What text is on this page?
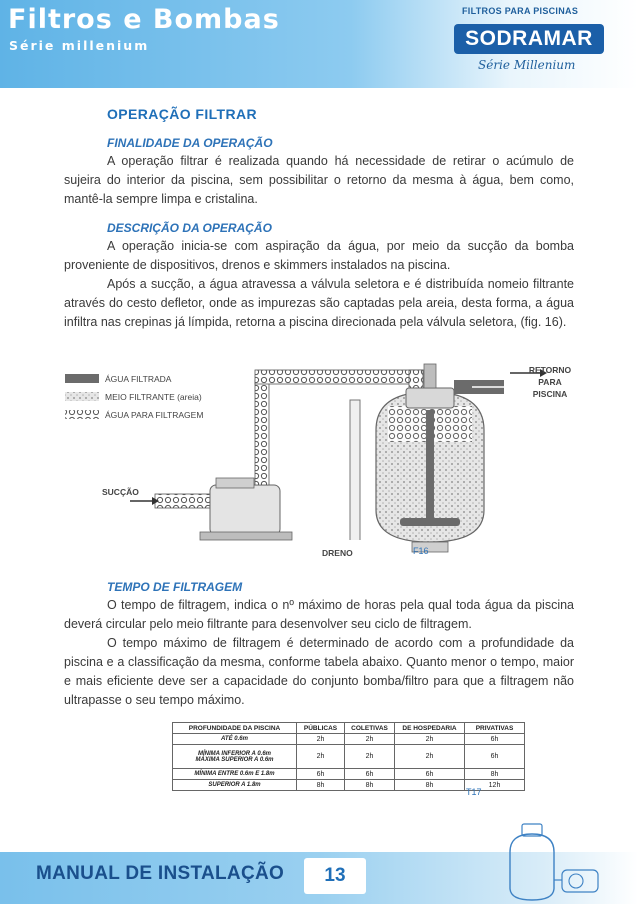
Filtros e Bombas
Série millenium
FILTROS PARA PISCINAS
SODRAMAR
Série Millenium
OPERAÇÃO FILTRAR
FINALIDADE DA OPERAÇÃO

A operação filtrar é realizada quando há necessidade de retirar o acúmulo de sujeira do interior da piscina, sem possibilitar o retorno da mesma à água, bem como, mantê-la sempre limpa e cristalina.

DESCRIÇÃO DA OPERAÇÃO

A operação inicia-se com aspiração da água, por meio da sucção da bomba proveniente de dispositivos, drenos e skimmers instalados na piscina.

Após a sucção, a água atravessa a válvula seletora e é distribuída nomeio filtrante através do cesto defletor, onde as impurezas são captadas pela areia, desta forma, a água infiltra nas crepinas já límpida, retorna a piscina direcionada pela válvula seletora, (fig. 16).

ÁGUA FILTRADA
MEIO FILTRANTE (areia)
ÁGUA PARA FILTRAGEM
SUCÇÃO
DRENO
RETORNO
PARA
PISCINA
F16
TEMPO DE FILTRAGEM

O tempo de filtragem, indica o nº máximo de horas pela qual toda água da piscina deverá circular pelo meio filtrante para desenvolver seu ciclo de filtragem.

O tempo máximo de filtragem é determinado de acordo com a profundidade da piscina e a classificação da mesma, conforme tabela abaixo. Quanto menor o tempo, maior e mais eficiente deve ser a capacidade do conjunto bomba/filtro para que a filtragem não ultrapasse o seu tempo máximo.

PROFUNDIDADE DA PISCINA	PÚBLICAS	COLETIVAS	DE HOSPEDARIA	PRIVATIVAS
ATÉ 0.6m	2h	2h	2h	6h

MÍNIMA INFERIOR A 0.6m
MÁXIMA SUPERIOR A 0.6m	2h	2h	2h	6h
MÍNIMA ENTRE 0.6m E 1.8m	6h	6h	6h	8h
SUPERIOR A 1.8m	8h	8h	8h	12h
T17
MANUAL DE INSTALAÇÃO	13
